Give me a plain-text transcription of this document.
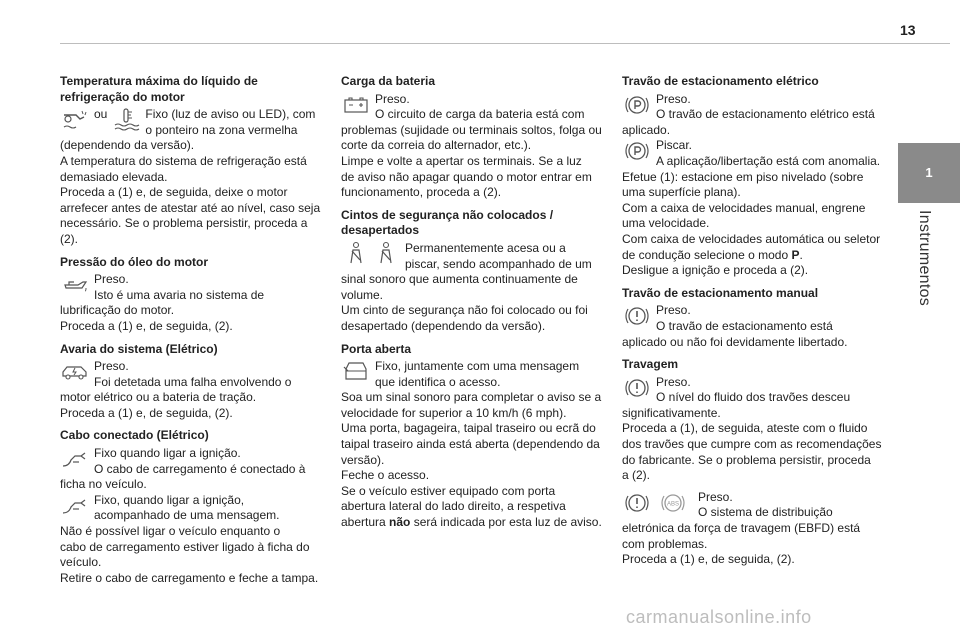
13
1
Instrumentos
Temperatura máxima do líquido de refrigeração do motor
ou	Fixo (luz de aviso ou LED), com
o ponteiro na zona vermelha
(dependendo da versão).
A temperatura do sistema de refrigeração está
demasiado elevada.
Proceda a (1) e, de seguida, deixe o motor
arrefecer antes de atestar até ao nível, caso seja
necessário. Se o problema persistir, proceda a
(2).
Pressão do óleo do motor
Preso.
Isto é uma avaria no sistema de
lubrificação do motor.
Proceda a (1) e, de seguida, (2).
Avaria do sistema (Elétrico)
Preso.
Foi detetada uma falha envolvendo o
motor elétrico ou a bateria de tração.
Proceda a (1) e, de seguida, (2).
Cabo conectado (Elétrico)
Fixo quando ligar a ignição.
O cabo de carregamento é conectado à
ficha no veículo.
Fixo, quando ligar a ignição,
acompanhado de uma mensagem.
Não é possível ligar o veículo enquanto o
cabo de carregamento estiver ligado à ficha do
veículo.
Retire o cabo de carregamento e feche a tampa.
Carga da bateria
Preso.
O circuito de carga da bateria está com
problemas (sujidade ou terminais soltos, folga ou
corte da correia do alternador, etc.).
Limpe e volte a apertar os terminais. Se a luz
de aviso não apagar quando o motor entrar em
funcionamento, proceda a (2).
Cintos de segurança não colocados / desapertados
Permanentemente acesa ou a
piscar, sendo acompanhado de um
sinal sonoro que aumenta continuamente de
volume.
Um cinto de segurança não foi colocado ou foi
desapertado (dependendo da versão).
Porta aberta
Fixo, juntamente com uma mensagem
que identifica o acesso.
Soa um sinal sonoro para completar o aviso se a
velocidade for superior a 10 km/h (6 mph).
Uma porta, bagageira, taipal traseiro ou ecrã do
taipal traseiro ainda está aberta (dependendo da
versão).
Feche o acesso.
Se o veículo estiver equipado com porta
abertura lateral do lado direito, a respetiva
abertura não será indicada por esta luz de aviso.
Travão de estacionamento elétrico
Preso.
O travão de estacionamento elétrico está
aplicado.
Piscar.
A aplicação/libertação está com anomalia.
Efetue (1): estacione em piso nivelado (sobre
uma superfície plana).
Com a caixa de velocidades manual, engrene
uma velocidade.
Com caixa de velocidades automática ou seletor
de condução selecione o modo P.
Desligue a ignição e proceda a (2).
Travão de estacionamento manual
Preso.
O travão de estacionamento está
aplicado ou não foi devidamente libertado.
Travagem
Preso.
O nível do fluido dos travões desceu
significativamente.
Proceda a (1), de seguida, ateste com o fluido
dos travões que cumpre com as recomendações
do fabricante. Se o problema persistir, proceda
a (2).
ABS
Preso.
O sistema de distribuição
eletrónica da força de travagem (EBFD) está
com problemas.
Proceda a (1) e, de seguida, (2).
carmanualsonline.info
